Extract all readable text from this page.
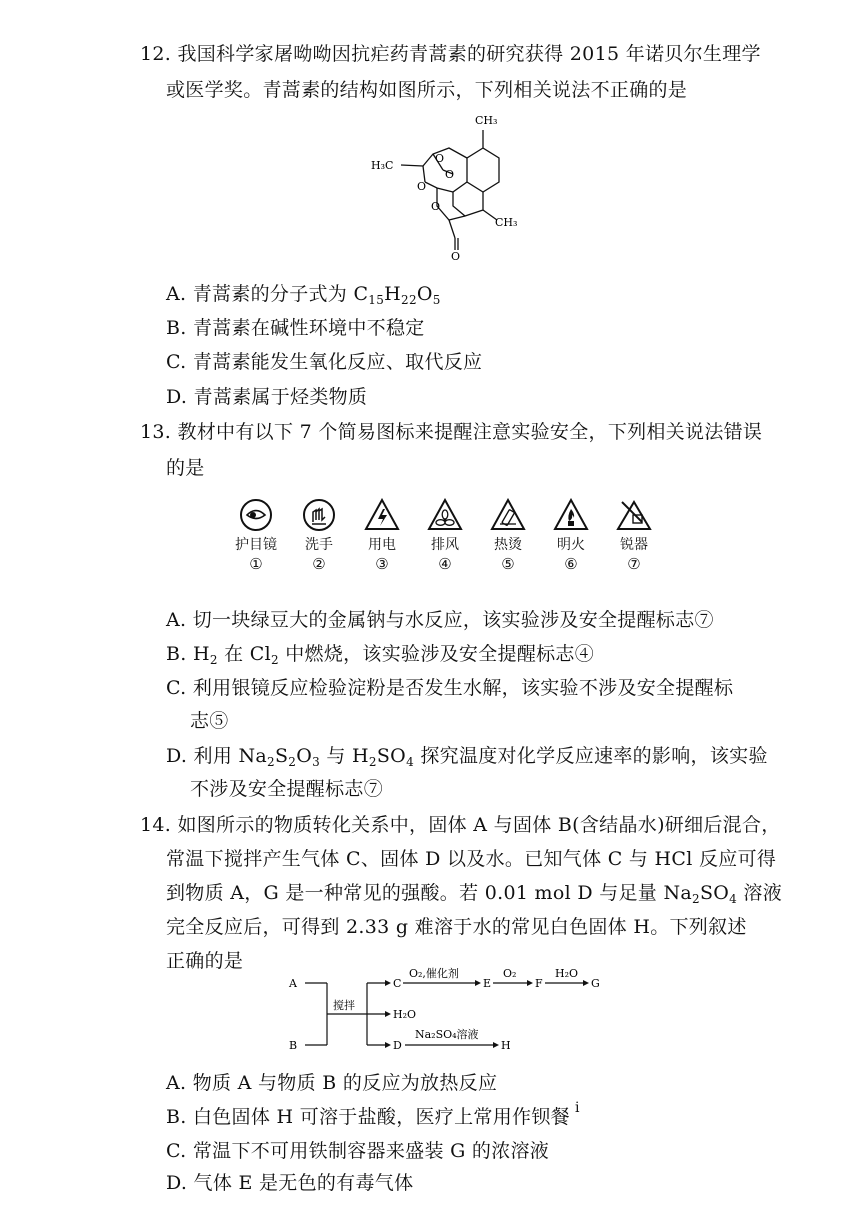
12. 我国科学家屠呦呦因抗疟药青蒿素的研究获得 2015 年诺贝尔生理学
或医学奖。青蒿素的结构如图所示，下列相关说法不正确的是
CH₃
H₃C
CH₃
O
O
O
O
O
A. 青蒿素的分子式为 $C_{15}H_{22}O_5$
B. 青蒿素在碱性环境中不稳定
C. 青蒿素能发生氧化反应、取代反应
D. 青蒿素属于烃类物质
13. 教材中有以下 7 个简易图标来提醒注意实验安全，下列相关说法错误
的是
护目镜
①
洗手
②
用电
③
排风
④
热烫
⑤
明火
⑥
锐器
⑦
A. 切一块绿豆大的金属钠与水反应，该实验涉及安全提醒标志⑦
B. $H_2$ 在 $Cl_2$ 中燃烧，该实验涉及安全提醒标志④
C. 利用银镜反应检验淀粉是否发生水解，该实验不涉及安全提醒标
志⑤
D. 利用 $Na_2S_2O_3$ 与 $H_2SO_4$ 探究温度对化学反应速率的影响，该实验
不涉及安全提醒标志⑦
14. 如图所示的物质转化关系中，固体 A 与固体 B(含结晶水)研细后混合，
常温下搅拌产生气体 C、固体 D 以及水。已知气体 C 与 HCl 反应可得
到物质 A，G 是一种常见的强酸。若 0.01 mol D 与足量 $Na_2SO_4$ 溶液
完全反应后，可得到 2.33 g 难溶于水的常见白色固体 H。下列叙述
正确的是
A
B
搅拌
C
O₂,催化剂
E
O₂
F
H₂O
G
H₂O
D
Na₂SO₄溶液
H
A. 物质 A 与物质 B 的反应为放热反应
B. 白色固体 H 可溶于盐酸，医疗上常用作钡餐 i
C. 常温下不可用铁制容器来盛装 G 的浓溶液
D. 气体 E 是无色的有毒气体
